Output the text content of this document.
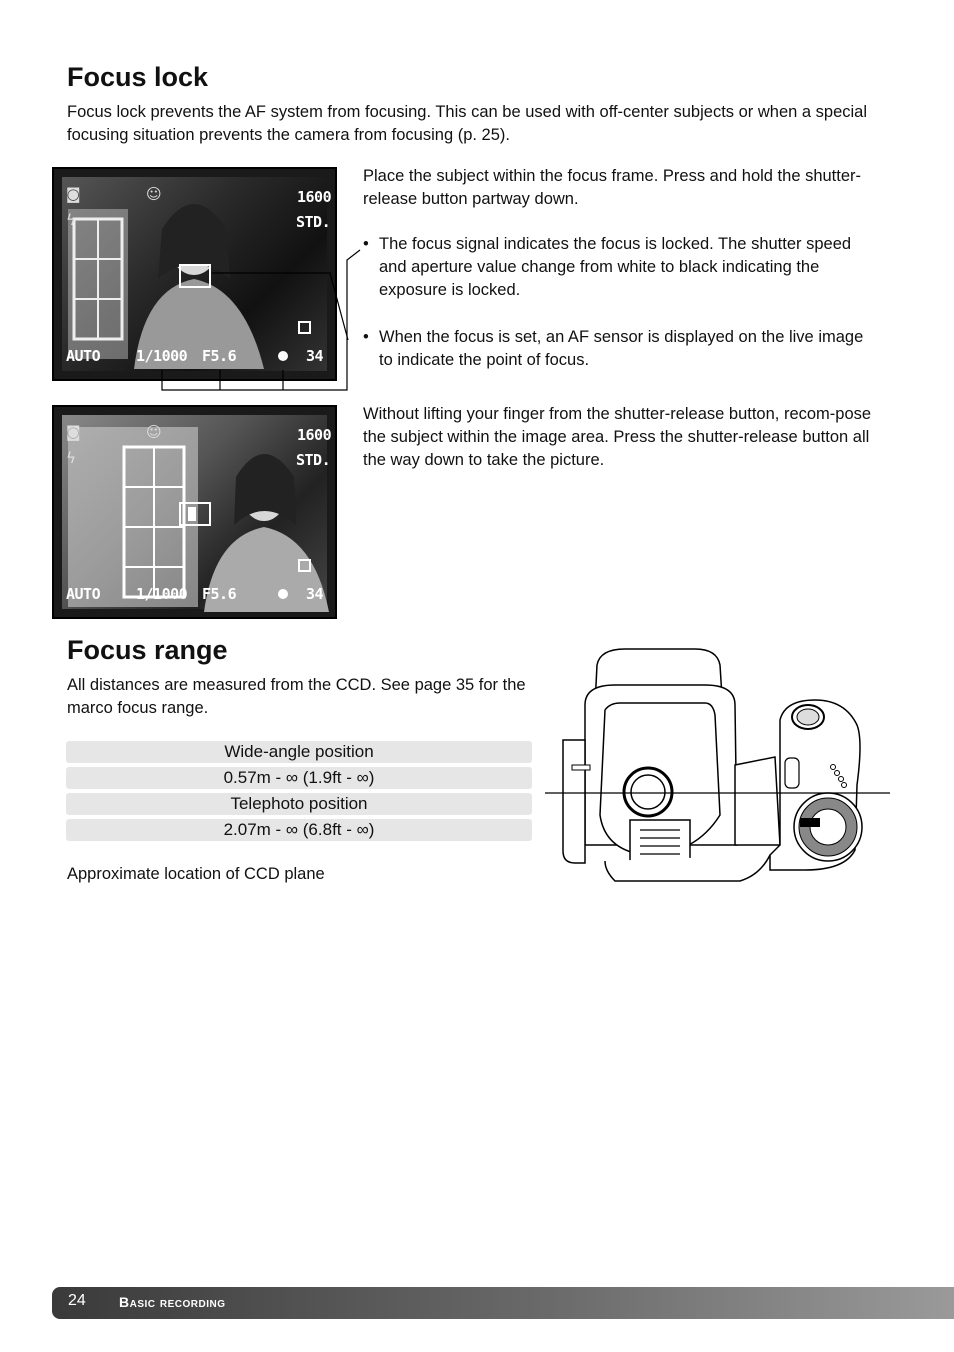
Focus lock

Focus lock prevents the AF system from focusing. This can be used with off-center subjects or when a special focusing situation prevents the camera from focusing (p. 25).

◙
ϟ
☺	1600
STD.
AUTO 1/1000 F5.6	34

Place the subject within the focus frame. Press and hold the shutter-release button partway down.

• The focus signal indicates the focus is locked. The shutter speed and aperture value change from white to black indicating the exposure is locked.
• When the focus is set, an AF sensor is displayed on the live image to indicate the point of focus.
◙
ϟ
☺	1600
STD.
AUTO 1/1000 F5.6	34

Without lifting your finger from the shutter-release button, recom-pose the subject within the image area. Press the shutter-release button all the way down to take the picture.

Focus range

All distances are measured from the CCD. See page 35 for the marco focus range.

Wide-angle position
0.57m - ∞ (1.9ft - ∞)
Telephoto position
2.07m - ∞ (6.8ft - ∞)

Approximate location of CCD plane

24 Basic recording
